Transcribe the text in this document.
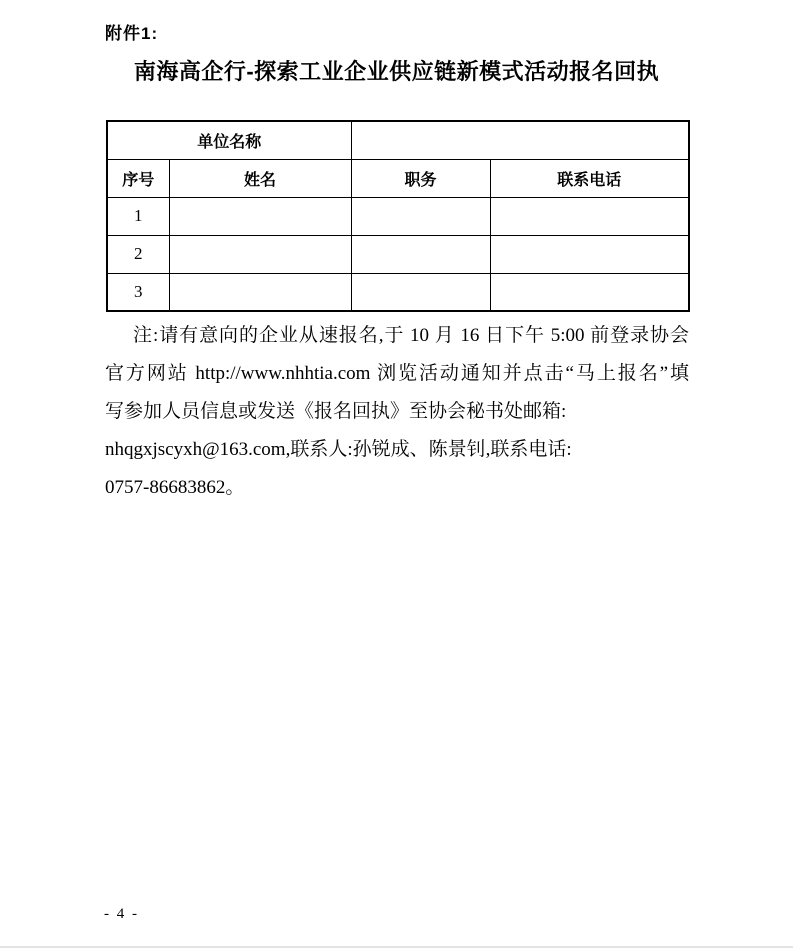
附件1:
南海高企行-探索工业企业供应链新模式活动报名回执
单位名称			
序号	姓名	职务	联系电话
1			
2			
3			
注:请有意向的企业从速报名,于 10 月 16 日下午 5:00 前登录协会
官方网站 http://www.nhhtia.com 浏览活动通知并点击“马上报名”填
写参加人员信息或发送《报名回执》至协会秘书处邮箱:
nhqgxjscyxh@163.com,联系人:孙锐成、陈景钊,联系电话:
0757-86683862。
- 4 -
